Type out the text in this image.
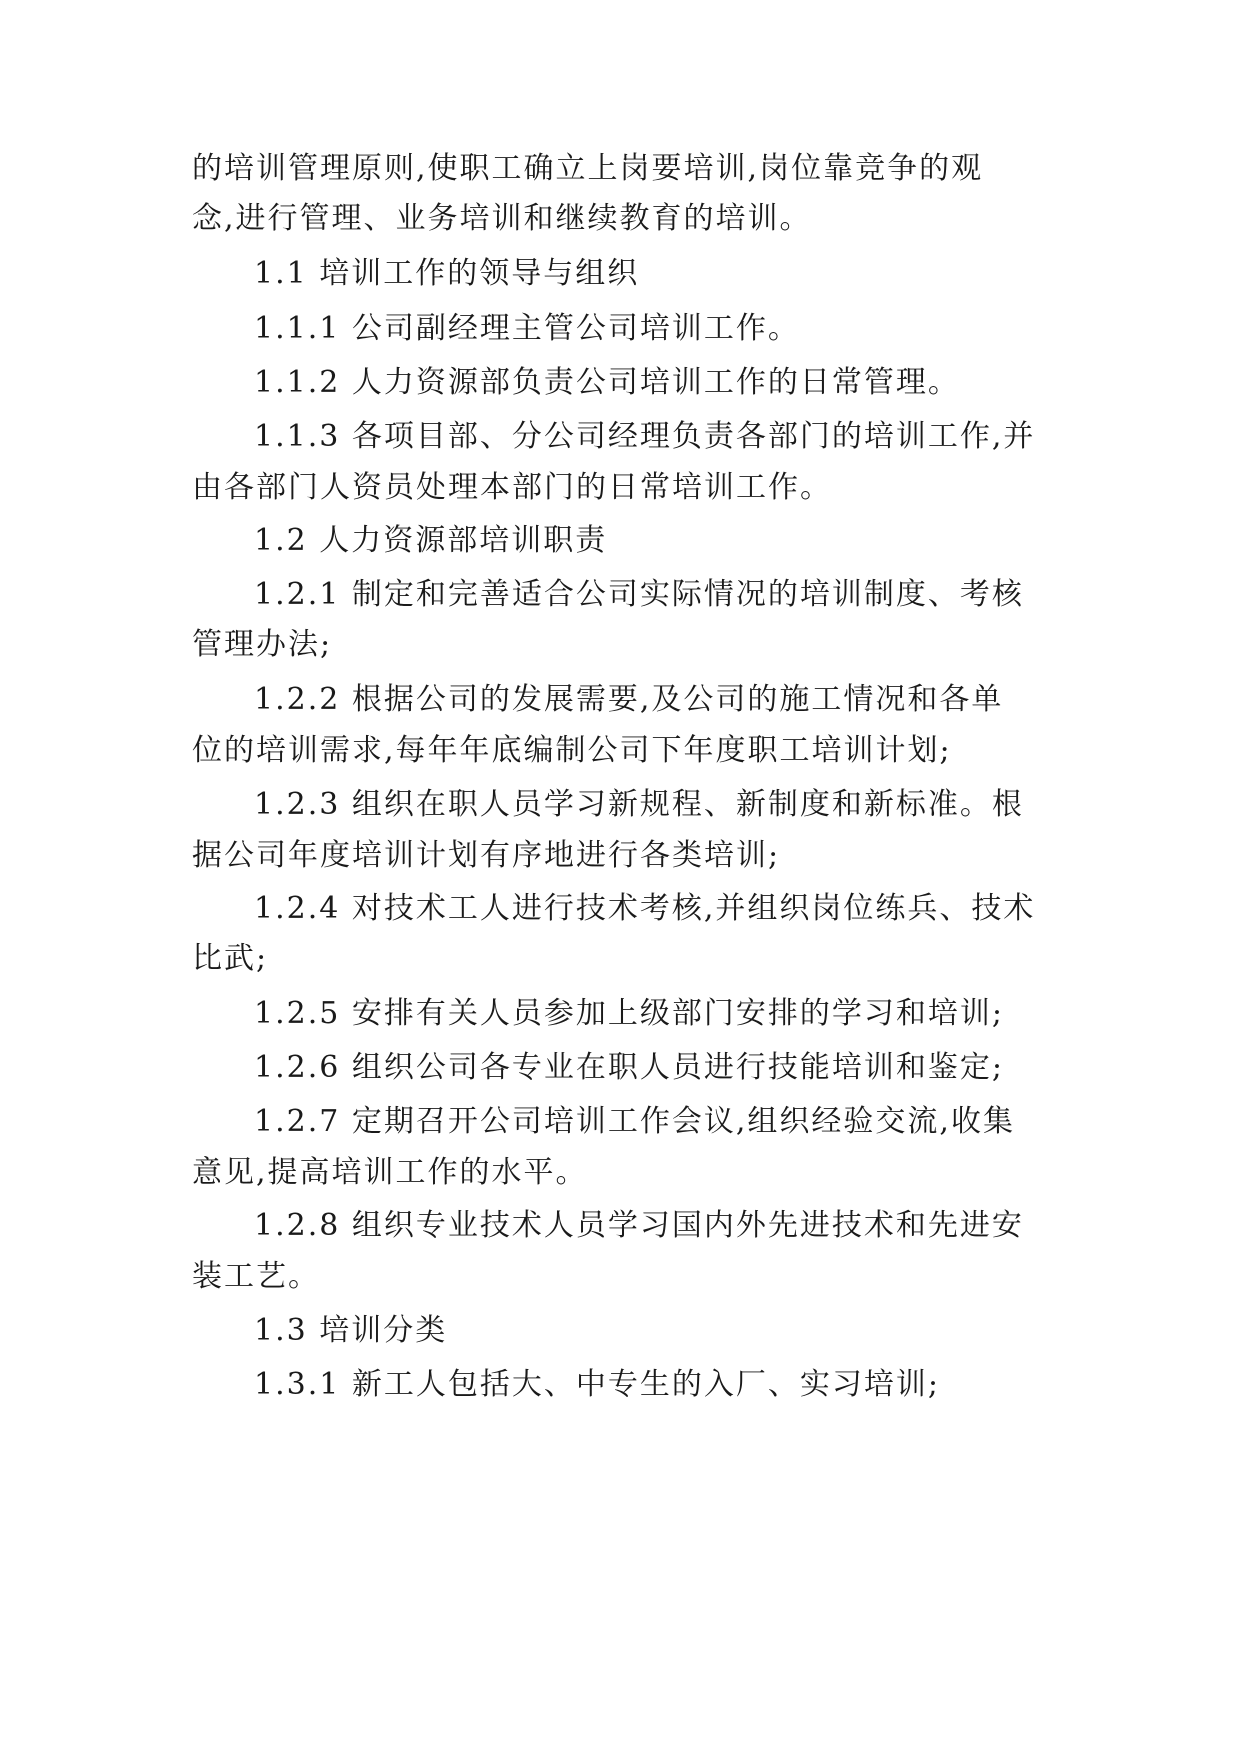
的培训管理原则,使职工确立上岗要培训,岗位靠竞争的观
念,进行管理、业务培训和继续教育的培训。
1.1 培训工作的领导与组织
1.1.1 公司副经理主管公司培训工作。
1.1.2 人力资源部负责公司培训工作的日常管理。
1.1.3 各项目部、分公司经理负责各部门的培训工作,并
由各部门人资员处理本部门的日常培训工作。
1.2 人力资源部培训职责
1.2.1 制定和完善适合公司实际情况的培训制度、考核
管理办法;
1.2.2 根据公司的发展需要,及公司的施工情况和各单
位的培训需求,每年年底编制公司下年度职工培训计划;
1.2.3 组织在职人员学习新规程、新制度和新标准。根
据公司年度培训计划有序地进行各类培训;
1.2.4 对技术工人进行技术考核,并组织岗位练兵、技术
比武;
1.2.5 安排有关人员参加上级部门安排的学习和培训;
1.2.6 组织公司各专业在职人员进行技能培训和鉴定;
1.2.7 定期召开公司培训工作会议,组织经验交流,收集
意见,提高培训工作的水平。
1.2.8 组织专业技术人员学习国内外先进技术和先进安
装工艺。
1.3 培训分类
1.3.1 新工人包括大、中专生的入厂、实习培训;
